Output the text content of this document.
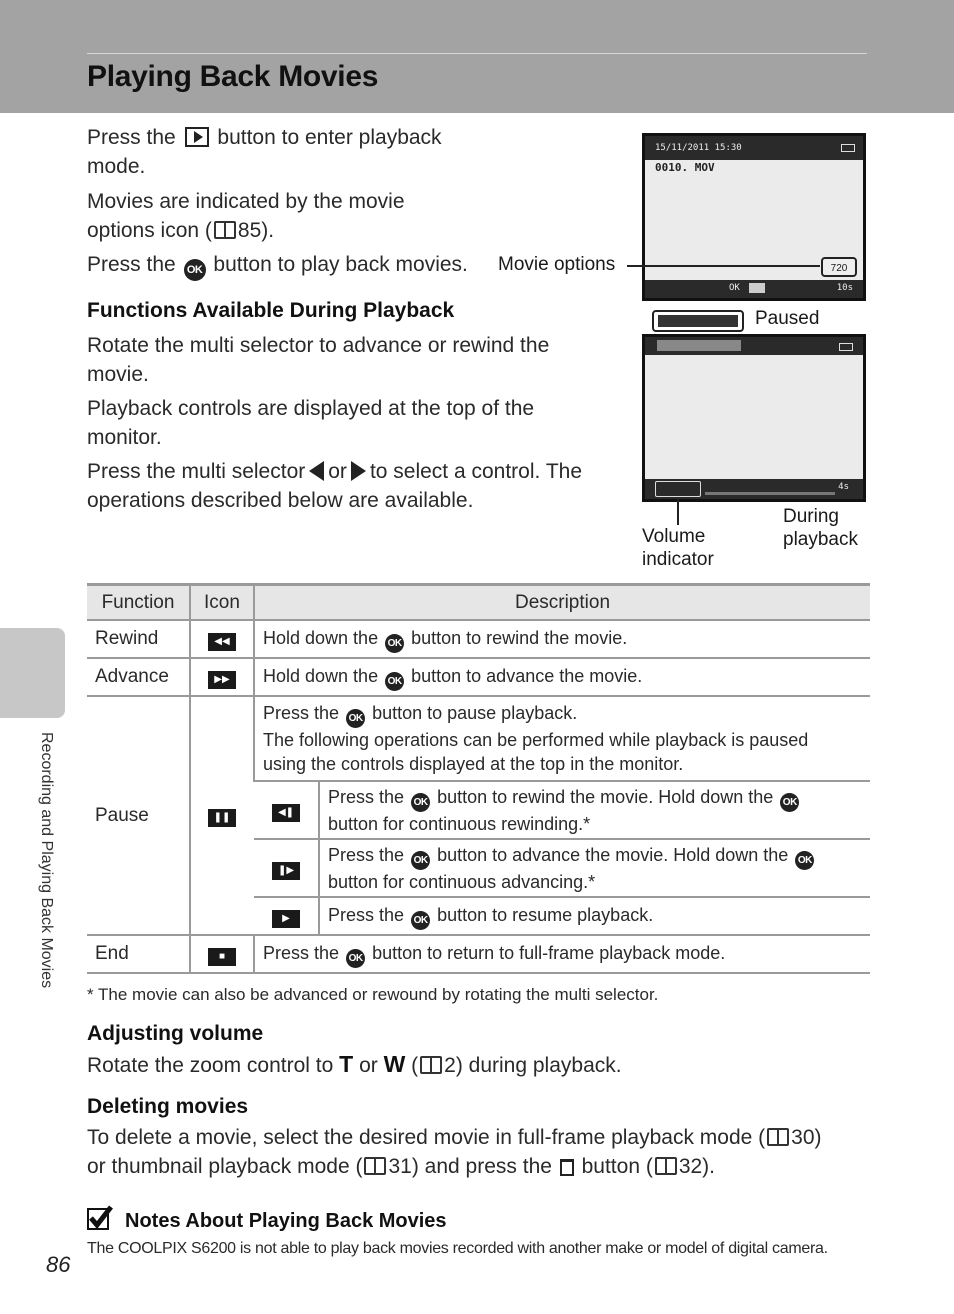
Playing Back Movies
Recording and Playing Back Movies
Press the button to enter playback
mode.
Movies are indicated by the movie
options icon ( 85).
Press the OK button to play back movies.
15/11/2011 15:30
0010. MOV
720
OK	10s
Movie options
Paused
4s
Volume
indicator
During
playback
Functions Available During Playback
Rotate the multi selector to advance or rewind the
movie.
Playback controls are displayed at the top of the
monitor.
Press the multi selector or to select a control. The
operations described below are available.
Function	Icon	Description	
Rewind	◀◀	Hold down the OK button to rewind the movie.	
Advance	▶▶	Hold down the OK button to advance the movie.	
Pause	❚❚	Press the OK button to pause playback.
The following operations can be performed while playback is paused
using the controls displayed at the top in the monitor.	
		◀❚	Press the OK button to rewind the movie. Hold down the OK
button for continuous rewinding.*
		❚▶	Press the OK button to advance the movie. Hold down the OK
button for continuous advancing.*
		▶	Press the OK button to resume playback.
End	■	Press the OK button to return to full-frame playback mode.	
* The movie can also be advanced or rewound by rotating the multi selector.
Adjusting volume
Rotate the zoom control to T or W ( 2) during playback.
Deleting movies
To delete a movie, select the desired movie in full-frame playback mode ( 30)
or thumbnail playback mode ( 31) and press the button ( 32).
Notes About Playing Back Movies
The COOLPIX S6200 is not able to play back movies recorded with another make or model of digital camera.
86
